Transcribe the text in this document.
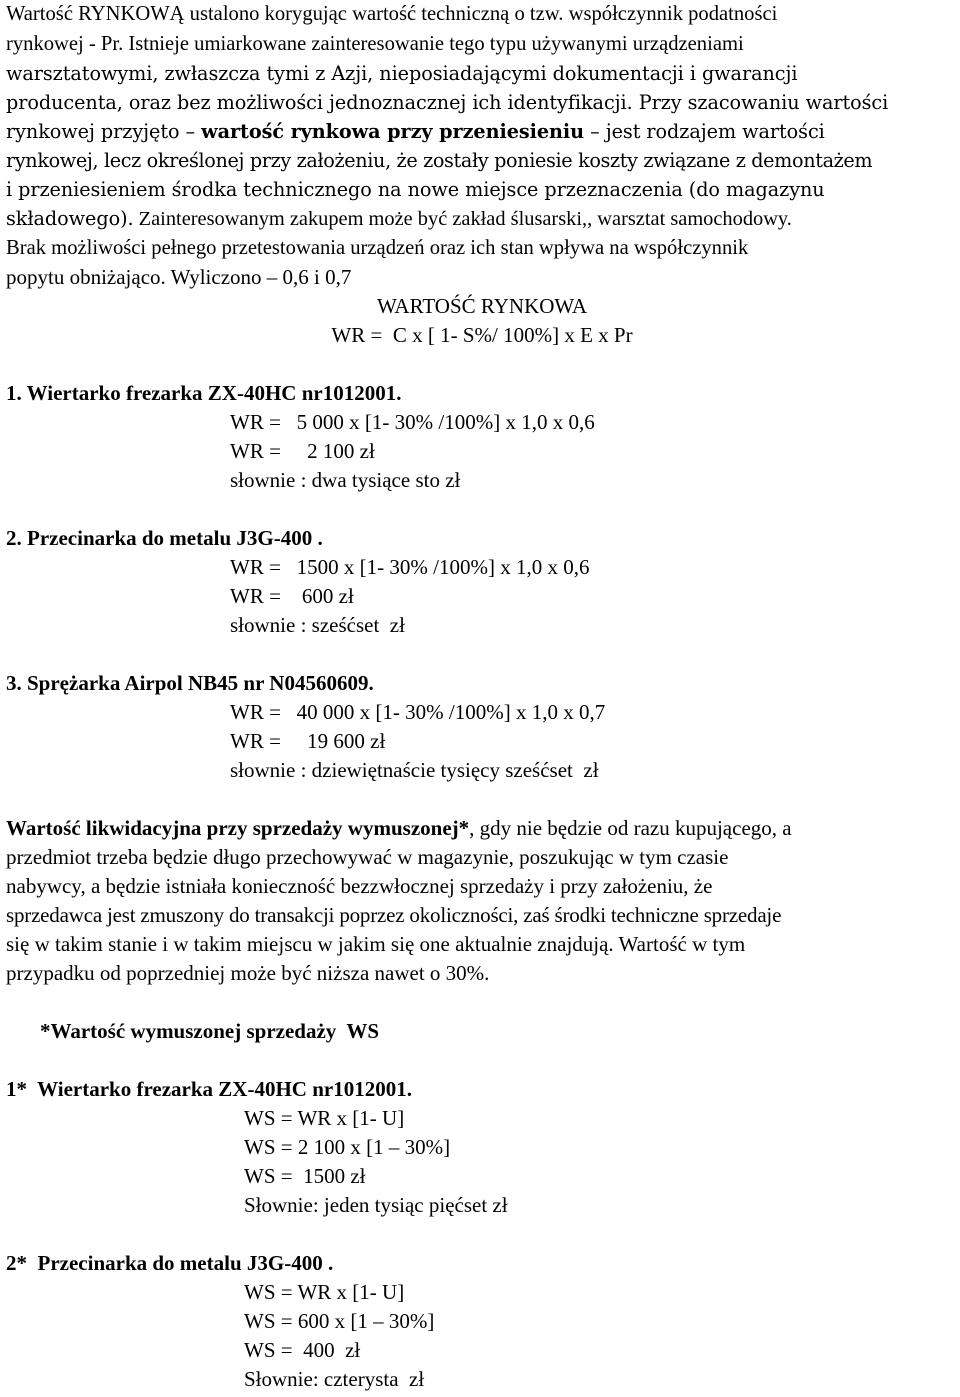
Wartość RYNKOWĄ ustalono korygując wartość techniczną o tzw. współczynnik podatności

rynkowej - Pr. Istnieje umiarkowane zainteresowanie tego typu używanymi urządzeniami

warsztatowymi, zwłaszcza tymi z Azji, nieposiadającymi dokumentacji i gwarancji

producenta, oraz bez możliwości jednoznacznej ich identyfikacji. Przy szacowaniu wartości

rynkowej przyjęto – wartość rynkowa przy przeniesieniu – jest rodzajem wartości

rynkowej, lecz określonej przy założeniu, że zostały poniesie koszty związane z demontażem

i przeniesieniem środka technicznego na nowe miejsce przeznaczenia (do magazynu

składowego). Zainteresowanym zakupem może być zakład ślusarski,, warsztat samochodowy.

Brak możliwości pełnego przetestowania urządzeń oraz ich stan wpływa na współczynnik

popytu obniżająco. Wyliczono – 0,6 i 0,7

WARTOŚĆ RYNKOWA

WR =  C x [ 1- S%/ 100%] x E x Pr

1. Wiertarko frezarka ZX-40HC nr1012001.

WR =   5 000 x [1- 30% /100%] x 1,0 x 0,6

WR =     2 100 zł

słownie : dwa tysiące sto zł

2. Przecinarka do metalu J3G-400 .

WR =   1500 x [1- 30% /100%] x 1,0 x 0,6

WR =    600 zł

słownie : sześćset  zł

3. Sprężarka Airpol NB45 nr N04560609.

WR =   40 000 x [1- 30% /100%] x 1,0 x 0,7

WR =     19 600 zł

słownie : dziewiętnaście tysięcy sześćset  zł

Wartość likwidacyjna przy sprzedaży wymuszonej*, gdy nie będzie od razu kupującego, a

przedmiot trzeba będzie długo przechowywać w magazynie, poszukując w tym czasie

nabywcy, a będzie istniała konieczność bezzwłocznej sprzedaży i przy założeniu, że

sprzedawca jest zmuszony do transakcji poprzez okoliczności, zaś środki techniczne sprzedaje

się w takim stanie i w takim miejscu w jakim się one aktualnie znajdują. Wartość w tym

przypadku od poprzedniej może być niższa nawet o 30%.

*Wartość wymuszonej sprzedaży  WS

1*  Wiertarko frezarka ZX-40HC nr1012001.

WS = WR x [1- U]

WS = 2 100 x [1 – 30%]

WS =  1500 zł

Słownie: jeden tysiąc pięćset zł

2*  Przecinarka do metalu J3G-400 .

WS = WR x [1- U]

WS = 600 x [1 – 30%]

WS =  400  zł

Słownie: czterysta  zł
